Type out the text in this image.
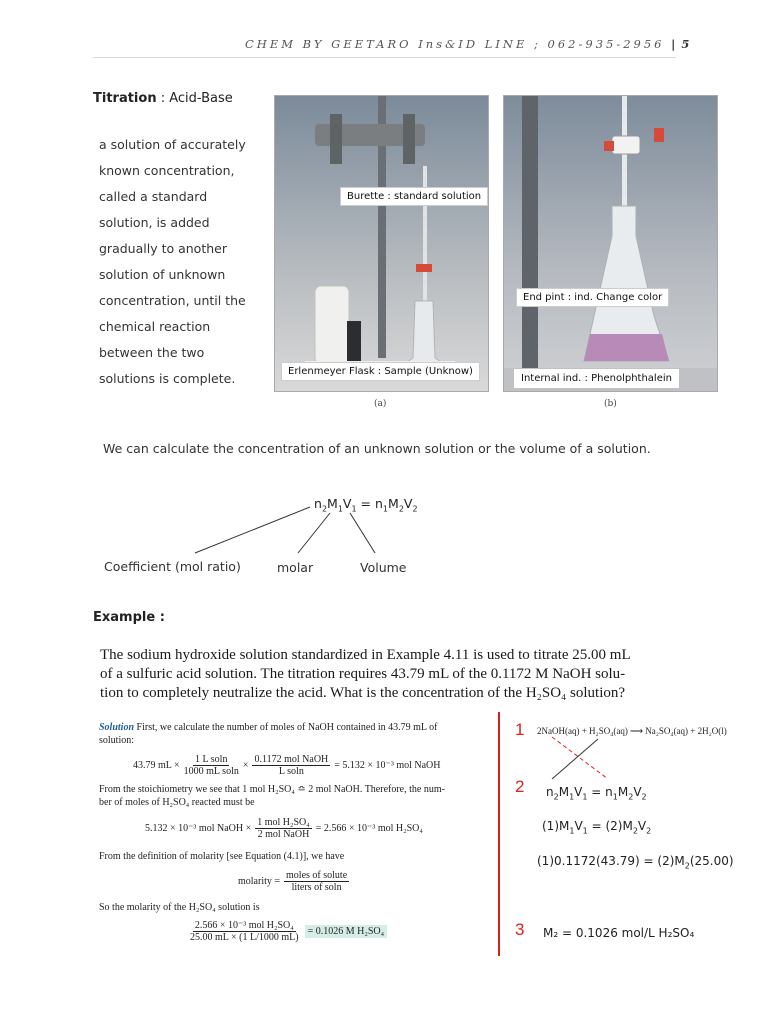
CHEM BY GEETARO Ins&ID LINE ; 062-935-2956 | 5
Titration : Acid-Base
a solution of accurately
known concentration,
called a standard
solution, is added
gradually to another
solution of unknown
concentration, until the
chemical reaction
between the two
solutions is complete.
Burette : standard solution
Erlenmeyer Flask : Sample (Unknow)
(a)
End pint : ind. Change color
Internal ind. : Phenolphthalein
(b)
We can calculate the concentration of an unknown solution or the volume of a solution.
$n_2M_1V_1 = n_1M_2V_2$
Coefficient (mol ratio)	molar	Volume
Example :
The sodium hydroxide solution standardized in Example 4.11 is used to titrate 25.00 mL
of a sulfuric acid solution. The titration requires 43.79 mL of the 0.1172 M NaOH solu-
tion to completely neutralize the acid. What is the concentration of the H₂SO₄ solution?
Solution First, we calculate the number of moles of NaOH contained in 43.79 mL of
solution:
43.79 mL × $\frac{\text{1 L soln}}{\text{1000 mL soln}}$ ×
0.1172 mol NaOH
L soln
= 5.132 × 10⁻³ mol NaOH
From the stoichiometry we see that 1 mol H₂SO₄ ≏ 2 mol NaOH. Therefore, the num-
ber of moles of H₂SO₄ reacted must be
5.132 × 10⁻³ mol NaOH ×
1 mol H₂SO₄
2 mol NaOH
= 2.566 × 10⁻³ mol H₂SO₄
From the definition of molarity [see Equation (4.1)], we have
molarity =
moles of solute
liters of soln
So the molarity of the H₂SO₄ solution is
2.566 × 10⁻³ mol H₂SO₄
25.00 mL × (1 L/1000 mL)
= 0.1026 M H₂SO₄
1 2NaOH(aq) + H₂SO₄(aq) ⟶ Na₂SO₄(aq) + 2H₂O(l)
2 $n_2M_1V_1 = n_1M_2V_2$
$(1)M_1V_1 = (2)M_2V_2$
$(1)0.1172(43.79) = (2)M_2(25.00)$
3 M₂ = 0.1026 mol/L H₂SO₄
